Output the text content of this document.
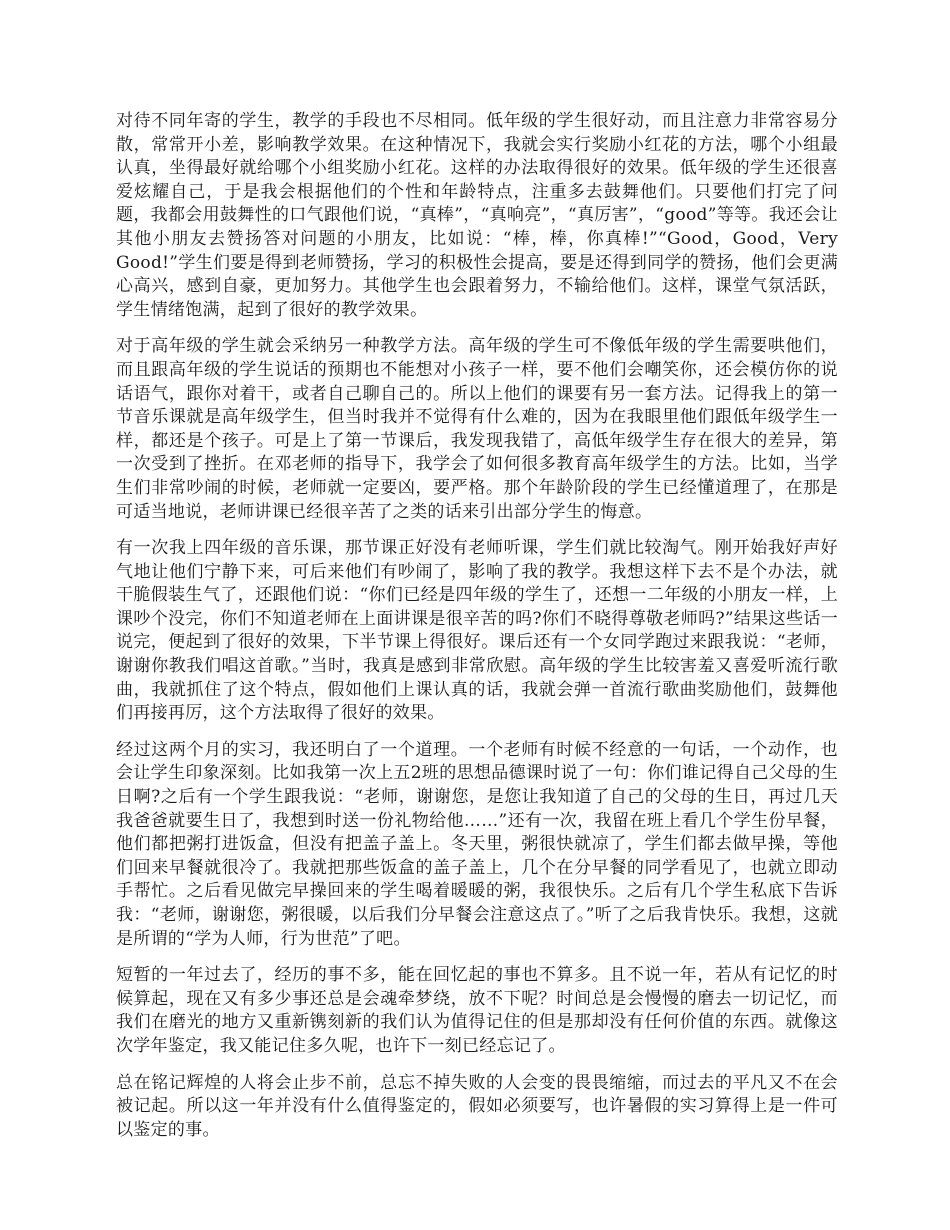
对待不同年寄的学生，教学的手段也不尽相同。低年级的学生很好动，而且注意力非常容易分散，常常开小差，影响教学效果。在这种情况下，我就会实行奖励小红花的方法，哪个小组最认真，坐得最好就给哪个小组奖励小红花。这样的办法取得很好的效果。低年级的学生还很喜爱炫耀自己，于是我会根据他们的个性和年龄特点，注重多去鼓舞他们。只要他们打完了问题，我都会用鼓舞性的口气跟他们说，“真棒”，“真响亮”，“真厉害”，“good”等等。我还会让其他小朋友去赞扬答对问题的小朋友，比如说：“棒，棒，你真棒!”“Good，Good，Very Good!”学生们要是得到老师赞扬，学习的积极性会提高，要是还得到同学的赞扬，他们会更满心高兴，感到自豪，更加努力。其他学生也会跟着努力，不输给他们。这样，课堂气氛活跃，学生情绪饱满，起到了很好的教学效果。

对于高年级的学生就会采纳另一种教学方法。高年级的学生可不像低年级的学生需要哄他们，而且跟高年级的学生说话的预期也不能想对小孩子一样，要不他们会嘲笑你，还会模仿你的说话语气，跟你对着干，或者自己聊自己的。所以上他们的课要有另一套方法。记得我上的第一节音乐课就是高年级学生，但当时我并不觉得有什么难的，因为在我眼里他们跟低年级学生一样，都还是个孩子。可是上了第一节课后，我发现我错了，高低年级学生存在很大的差异，第一次受到了挫折。在邓老师的指导下，我学会了如何很多教育高年级学生的方法。比如，当学生们非常吵闹的时候，老师就一定要凶，要严格。那个年龄阶段的学生已经懂道理了，在那是可适当地说，老师讲课已经很辛苦了之类的话来引出部分学生的悔意。

有一次我上四年级的音乐课，那节课正好没有老师听课，学生们就比较淘气。刚开始我好声好气地让他们宁静下来，可后来他们有吵闹了，影响了我的教学。我想这样下去不是个办法，就干脆假装生气了，还跟他们说：“你们已经是四年级的学生了，还想一二年级的小朋友一样，上课吵个没完，你们不知道老师在上面讲课是很辛苦的吗?你们不晓得尊敬老师吗?”结果这些话一说完，便起到了很好的效果，下半节课上得很好。课后还有一个女同学跑过来跟我说：“老师，谢谢你教我们唱这首歌。”当时，我真是感到非常欣慰。高年级的学生比较害羞又喜爱听流行歌曲，我就抓住了这个特点，假如他们上课认真的话，我就会弹一首流行歌曲奖励他们，鼓舞他们再接再厉，这个方法取得了很好的效果。

经过这两个月的实习，我还明白了一个道理。一个老师有时候不经意的一句话，一个动作，也会让学生印象深刻。比如我第一次上五2班的思想品德课时说了一句：你们谁记得自己父母的生日啊?之后有一个学生跟我说：“老师，谢谢您，是您让我知道了自己的父母的生日，再过几天我爸爸就要生日了，我想到时送一份礼物给他……”还有一次，我留在班上看几个学生份早餐，他们都把粥打进饭盒，但没有把盖子盖上。冬天里，粥很快就凉了，学生们都去做早操，等他们回来早餐就很冷了。我就把那些饭盒的盖子盖上，几个在分早餐的同学看见了，也就立即动手帮忙。之后看见做完早操回来的学生喝着暖暖的粥，我很快乐。之后有几个学生私底下告诉我：“老师，谢谢您，粥很暖，以后我们分早餐会注意这点了。”听了之后我肯快乐。我想，这就是所谓的“学为人师，行为世范”了吧。

短暂的一年过去了，经历的事不多，能在回忆起的事也不算多。且不说一年，若从有记忆的时候算起，现在又有多少事还总是会魂牵梦绕，放不下呢？时间总是会慢慢的磨去一切记忆，而我们在磨光的地方又重新镌刻新的我们认为值得记住的但是那却没有任何价值的东西。就像这次学年鉴定，我又能记住多久呢，也许下一刻已经忘记了。

总在铭记辉煌的人将会止步不前，总忘不掉失败的人会变的畏畏缩缩，而过去的平凡又不在会被记起。所以这一年并没有什么值得鉴定的，假如必须要写，也许暑假的实习算得上是一件可以鉴定的事。
